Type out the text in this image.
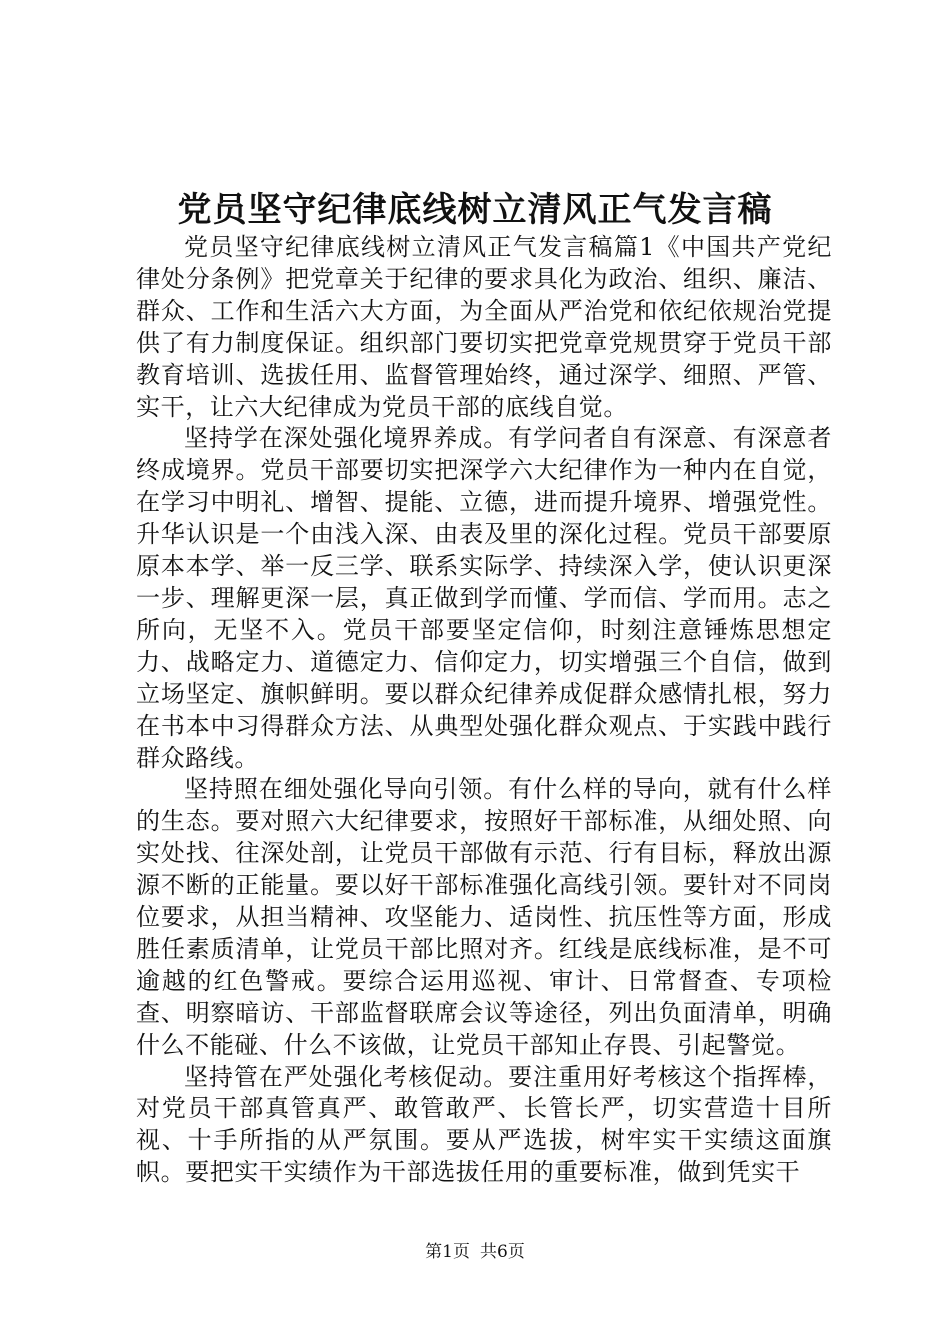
党员坚守纪律底线树立清风正气发言稿

党员坚守纪律底线树立清风正气发言稿篇1《中国共产党纪律处分条例》把党章关于纪律的要求具化为政治、组织、廉洁、群众、工作和生活六大方面，为全面从严治党和依纪依规治党提供了有力制度保证。组织部门要切实把党章党规贯穿于党员干部教育培训、选拔任用、监督管理始终，通过深学、细照、严管、实干，让六大纪律成为党员干部的底线自觉。

坚持学在深处强化境界养成。有学问者自有深意、有深意者终成境界。党员干部要切实把深学六大纪律作为一种内在自觉，在学习中明礼、增智、提能、立德，进而提升境界、增强党性。升华认识是一个由浅入深、由表及里的深化过程。党员干部要原原本本学、举一反三学、联系实际学、持续深入学，使认识更深一步、理解更深一层，真正做到学而懂、学而信、学而用。志之所向，无坚不入。党员干部要坚定信仰，时刻注意锤炼思想定力、战略定力、道德定力、信仰定力，切实增强三个自信，做到立场坚定、旗帜鲜明。要以群众纪律养成促群众感情扎根，努力在书本中习得群众方法、从典型处强化群众观点、于实践中践行群众路线。

坚持照在细处强化导向引领。有什么样的导向，就有什么样的生态。要对照六大纪律要求，按照好干部标准，从细处照、向实处找、往深处剖，让党员干部做有示范、行有目标，释放出源源不断的正能量。要以好干部标准强化高线引领。要针对不同岗位要求，从担当精神、攻坚能力、适岗性、抗压性等方面，形成胜任素质清单，让党员干部比照对齐。红线是底线标准，是不可逾越的红色警戒。要综合运用巡视、审计、日常督查、专项检查、明察暗访、干部监督联席会议等途径，列出负面清单，明确什么不能碰、什么不该做，让党员干部知止存畏、引起警觉。

坚持管在严处强化考核促动。要注重用好考核这个指挥棒，对党员干部真管真严、敢管敢严、长管长严，切实营造十目所视、十手所指的从严氛围。要从严选拔，树牢实干实绩这面旗帜。要把实干实绩作为干部选拔任用的重要标准，做到凭实干

第1页 共6页
